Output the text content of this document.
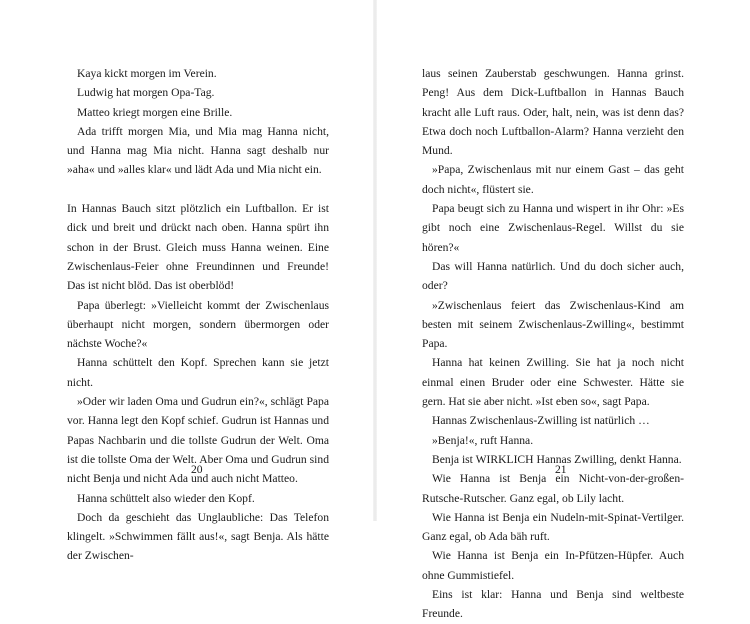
Kaya kickt morgen im Verein.

Ludwig hat morgen Opa-Tag.

Matteo kriegt morgen eine Brille.

Ada trifft morgen Mia, und Mia mag Hanna nicht, und Hanna mag Mia nicht. Hanna sagt deshalb nur »aha« und »alles klar« und lädt Ada und Mia nicht ein.

In Hannas Bauch sitzt plötzlich ein Luftballon. Er ist dick und breit und drückt nach oben. Hanna spürt ihn schon in der Brust. Gleich muss Hanna weinen. Eine Zwischenlaus-Feier ohne Freundinnen und Freunde! Das ist nicht blöd. Das ist oberblöd!

Papa überlegt: »Vielleicht kommt der Zwischenlaus überhaupt nicht morgen, sondern übermorgen oder nächste Woche?«

Hanna schüttelt den Kopf. Sprechen kann sie jetzt nicht.

»Oder wir laden Oma und Gudrun ein?«, schlägt Papa vor. Hanna legt den Kopf schief. Gudrun ist Hannas und Papas Nachbarin und die tollste Gudrun der Welt. Oma ist die tollste Oma der Welt. Aber Oma und Gudrun sind nicht Benja und nicht Ada und auch nicht Matteo.

Hanna schüttelt also wieder den Kopf.

Doch da geschieht das Unglaubliche: Das Telefon klingelt. »Schwimmen fällt aus!«, sagt Benja. Als hätte der Zwischen-

20

laus seinen Zauberstab geschwungen. Hanna grinst. Peng! Aus dem Dick-Luftballon in Hannas Bauch kracht alle Luft raus. Oder, halt, nein, was ist denn das? Etwa doch noch Luftballon-Alarm? Hanna verzieht den Mund.

»Papa, Zwischenlaus mit nur einem Gast – das geht doch nicht«, flüstert sie.

Papa beugt sich zu Hanna und wispert in ihr Ohr: »Es gibt noch eine Zwischenlaus-Regel. Willst du sie hören?«

Das will Hanna natürlich. Und du doch sicher auch, oder?

»Zwischenlaus feiert das Zwischenlaus-Kind am besten mit seinem Zwischenlaus-Zwilling«, bestimmt Papa.

Hanna hat keinen Zwilling. Sie hat ja noch nicht einmal einen Bruder oder eine Schwester. Hätte sie gern. Hat sie aber nicht. »Ist eben so«, sagt Papa.

Hannas Zwischenlaus-Zwilling ist natürlich …

»Benja!«, ruft Hanna.

Benja ist WIRKLICH Hannas Zwilling, denkt Hanna.

Wie Hanna ist Benja ein Nicht-von-der-großen-Rutsche-Rutscher. Ganz egal, ob Lily lacht.

Wie Hanna ist Benja ein Nudeln-mit-Spinat-Vertilger. Ganz egal, ob Ada bäh ruft.

Wie Hanna ist Benja ein In-Pfützen-Hüpfer. Auch ohne Gummistiefel.

Eins ist klar: Hanna und Benja sind weltbeste Freunde.

21
